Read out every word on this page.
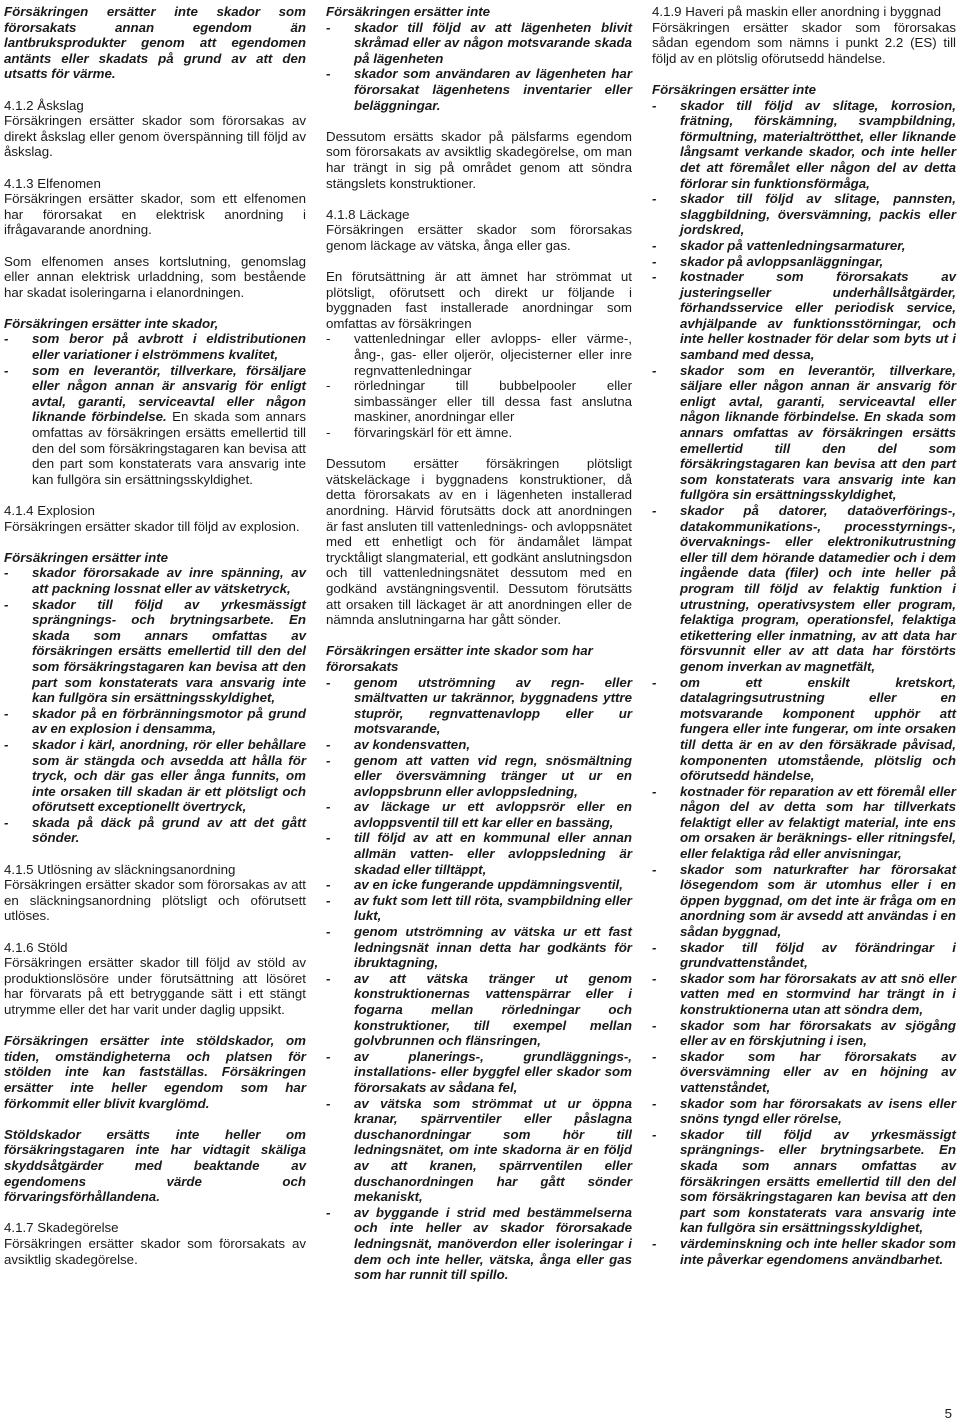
Försäkringen ersätter inte skador som förorsakats annan egendom än lantbruksprodukter genom att egendomen antänts eller skadats på grund av att den utsatts för värme.

4.1.2 Åskslag

Försäkringen ersätter skador som förorsakas av direkt åskslag eller genom överspänning till följd av åskslag.

4.1.3 Elfenomen

Försäkringen ersätter skador, som ett elfenomen har förorsakat en elektrisk anordning i ifrågavarande anordning.

Som elfenomen anses kortslutning, genomslag eller annan elektrisk urladdning, som bestående har skadat isoleringarna i elanordningen.

Försäkringen ersätter inte skador,
- som beror på avbrott i eldistributionen eller variationer i elströmmens kvalitet,
- som en leverantör, tillverkare, försäljare eller någon annan är ansvarig för enligt avtal, garanti, serviceavtal eller någon liknande förbindelse. En skada som annars omfattas av försäkringen ersätts emellertid till den del som försäkringstagaren kan bevisa att den part som konstaterats vara ansvarig inte kan fullgöra sin ersättningsskyldighet.
4.1.4 Explosion

Försäkringen ersätter skador till följd av explosion.

Försäkringen ersätter inte
- skador förorsakade av inre spänning, av att packning lossnat eller av vätsketryck,
- skador till följd av yrkesmässigt sprängnings- och brytningsarbete. En skada som annars omfattas av försäkringen ersätts emellertid till den del som försäkringstagaren kan bevisa att den part som konstaterats vara ansvarig inte kan fullgöra sin ersättningsskyldighet,
- skador på en förbränningsmotor på grund av en explosion i densamma,
- skador i kärl, anordning, rör eller behållare som är stängda och avsedda att hålla för tryck, och där gas eller ånga funnits, om inte orsaken till skadan är ett plötsligt och oförutsett exceptionellt övertryck,
- skada på däck på grund av att det gått sönder.
4.1.5 Utlösning av släckningsanordning

Försäkringen ersätter skador som förorsakas av att en släckningsanordning plötsligt och oförutsett utlöses.

4.1.6 Stöld

Försäkringen ersätter skador till följd av stöld av produktionslösöre under förutsättning att lösöret har förvarats på ett betryggande sätt i ett stängt utrymme eller det har varit under daglig uppsikt.

Försäkringen ersätter inte stöldskador, om tiden, omständigheterna och platsen för stölden inte kan fastställas. Försäkringen ersätter inte heller egendom som har förkommit eller blivit kvarglömd.

Stöldskador ersätts inte heller om försäkringstagaren inte har vidtagit skäliga skyddsåtgärder med beaktande av egendomens värde och förvaringsförhållandena.

4.1.7 Skadegörelse

Försäkringen ersätter skador som förorsakats av avsiktlig skadegörelse.

Försäkringen ersätter inte
- skador till följd av att lägenheten blivit skråmad eller av någon motsvarande skada på lägenheten
- skador som användaren av lägenheten har förorsakat lägenhetens inventarier eller beläggningar.

Dessutom ersätts skador på pälsfarms egendom som förorsakats av avsiktlig skadegörelse, om man har trängt in sig på området genom att söndra stängslets konstruktioner.

4.1.8 Läckage

Försäkringen ersätter skador som förorsakas genom läckage av vätska, ånga eller gas.

En förutsättning är att ämnet har strömmat ut plötsligt, oförutsett och direkt ur följande i byggnaden fast installerade anordningar som omfattas av försäkringen

- vattenledningar eller avlopps- eller värme-, ång-, gas- eller oljerör, oljecisterner eller inre regnvattenledningar
- rörledningar till bubbelpooler eller simbassänger eller till dessa fast anslutna maskiner, anordningar eller
- förvaringskärl för ett ämne.

Dessutom ersätter försäkringen plötsligt vätskeläckage i byggnadens konstruktioner, då detta förorsakats av en i lägenheten installerad anordning. Härvid förutsätts dock att anordningen är fast ansluten till vattenlednings- och avloppsnätet med ett enhetligt och för ändamålet lämpat trycktåligt slangmaterial, ett godkänt anslutningsdon och till vattenledningsnätet dessutom med en godkänd avstängningsventil. Dessutom förutsätts att orsaken till läckaget är att anordningen eller de nämnda anslutningarna har gått sönder.

Försäkringen ersätter inte skador som har förorsakats
- genom utströmning av regn- eller smältvatten ur takrännor, byggnadens yttre stuprör, regnvattenavlopp eller ur motsvarande,
- av kondensvatten,
- genom att vatten vid regn, snösmältning eller översvämning tränger ut ur en avloppsbrunn eller avloppsledning,
- av läckage ur ett avloppsrör eller en avloppsventil till ett kar eller en bassäng,
- till följd av att en kommunal eller annan allmän vatten- eller avloppsledning är skadad eller tilltäppt,
- av en icke fungerande uppdämningsventil,
- av fukt som lett till röta, svampbildning eller lukt,
- genom utströmning av vätska ur ett fast ledningsnät innan detta har godkänts för ibruktagning,
- av att vätska tränger ut genom konstruktionernas vattenspärrar eller i fogarna mellan rörledningar och konstruktioner, till exempel mellan golvbrunnen och flänsringen,
- av planerings-, grundläggnings-, installations- eller byggfel eller skador som förorsakats av sådana fel,
- av vätska som strömmat ut ur öppna kranar, spärrventiler eller påslagna duschanordningar som hör till ledningsnätet, om inte skadorna är en följd av att kranen, spärrventilen eller duschanordningen har gått sönder mekaniskt,
- av byggande i strid med bestämmelserna och inte heller av skador förorsakade ledningsnät, manöverdon eller isoleringar i dem och inte heller, vätska, ånga eller gas som har runnit till spillo.
4.1.9 Haveri på maskin eller anordning i byggnad

Försäkringen ersätter skador som förorsakas sådan egendom som nämns i punkt 2.2 (ES) till följd av en plötslig oförutsedd händelse.

Försäkringen ersätter inte
- skador till följd av slitage, korrosion, frätning, förskämning, svampbildning, förmultning, materialtrötthet, eller liknande långsamt verkande skador, och inte heller det att föremålet eller någon del av detta förlorar sin funktionsförmåga,
- skador till följd av slitage, pannsten, slaggbildning, översvämning, packis eller jordskred,
- skador på vattenledningsarmaturer,
- skador på avloppsanläggningar,
- kostnader som förorsakats av justeringseller underhållsåtgärder, förhandsservice eller periodisk service, avhjälpande av funktionsstörningar, och inte heller kostnader för delar som byts ut i samband med dessa,
- skador som en leverantör, tillverkare, säljare eller någon annan är ansvarig för enligt avtal, garanti, serviceavtal eller någon liknande förbindelse. En skada som annars omfattas av försäkringen ersätts emellertid till den del som försäkringstagaren kan bevisa att den part som konstaterats vara ansvarig inte kan fullgöra sin ersättningsskyldighet,
- skador på datorer, dataöverförings-, datakommunikations-, processtyrnings-, övervaknings- eller elektronikutrustning eller till dem hörande datamedier och i dem ingående data (filer) och inte heller på program till följd av felaktig funktion i utrustning, operativsystem eller program, felaktiga program, operationsfel, felaktiga etikettering eller inmatning, av att data har försvunnit eller av att data har förstörts genom inverkan av magnetfält,
- om ett enskilt kretskort, datalagringsutrustning eller en motsvarande komponent upphör att fungera eller inte fungerar, om inte orsaken till detta är en av den försäkrade påvisad, komponenten utomstående, plötslig och oförutsedd händelse,
- kostnader för reparation av ett föremål eller någon del av detta som har tillverkats felaktigt eller av felaktigt material, inte ens om orsaken är beräknings- eller ritningsfel, eller felaktiga råd eller anvisningar,
- skador som naturkrafter har förorsakat lösegendom som är utomhus eller i en öppen byggnad, om det inte är fråga om en anordning som är avsedd att användas i en sådan byggnad,
- skador till följd av förändringar i grundvattenståndet,
- skador som har förorsakats av att snö eller vatten med en stormvind har trängt in i konstruktionerna utan att söndra dem,
- skador som har förorsakats av sjögång eller av en förskjutning i isen,
- skador som har förorsakats av översvämning eller av en höjning av vattenståndet,
- skador som har förorsakats av isens eller snöns tyngd eller rörelse,
- skador till följd av yrkesmässigt sprängnings- eller brytningsarbete. En skada som annars omfattas av försäkringen ersätts emellertid till den del som försäkringstagaren kan bevisa att den part som konstaterats vara ansvarig inte kan fullgöra sin ersättningsskyldighet,
- värdeminskning och inte heller skador som inte påverkar egendomens användbarhet.
5
